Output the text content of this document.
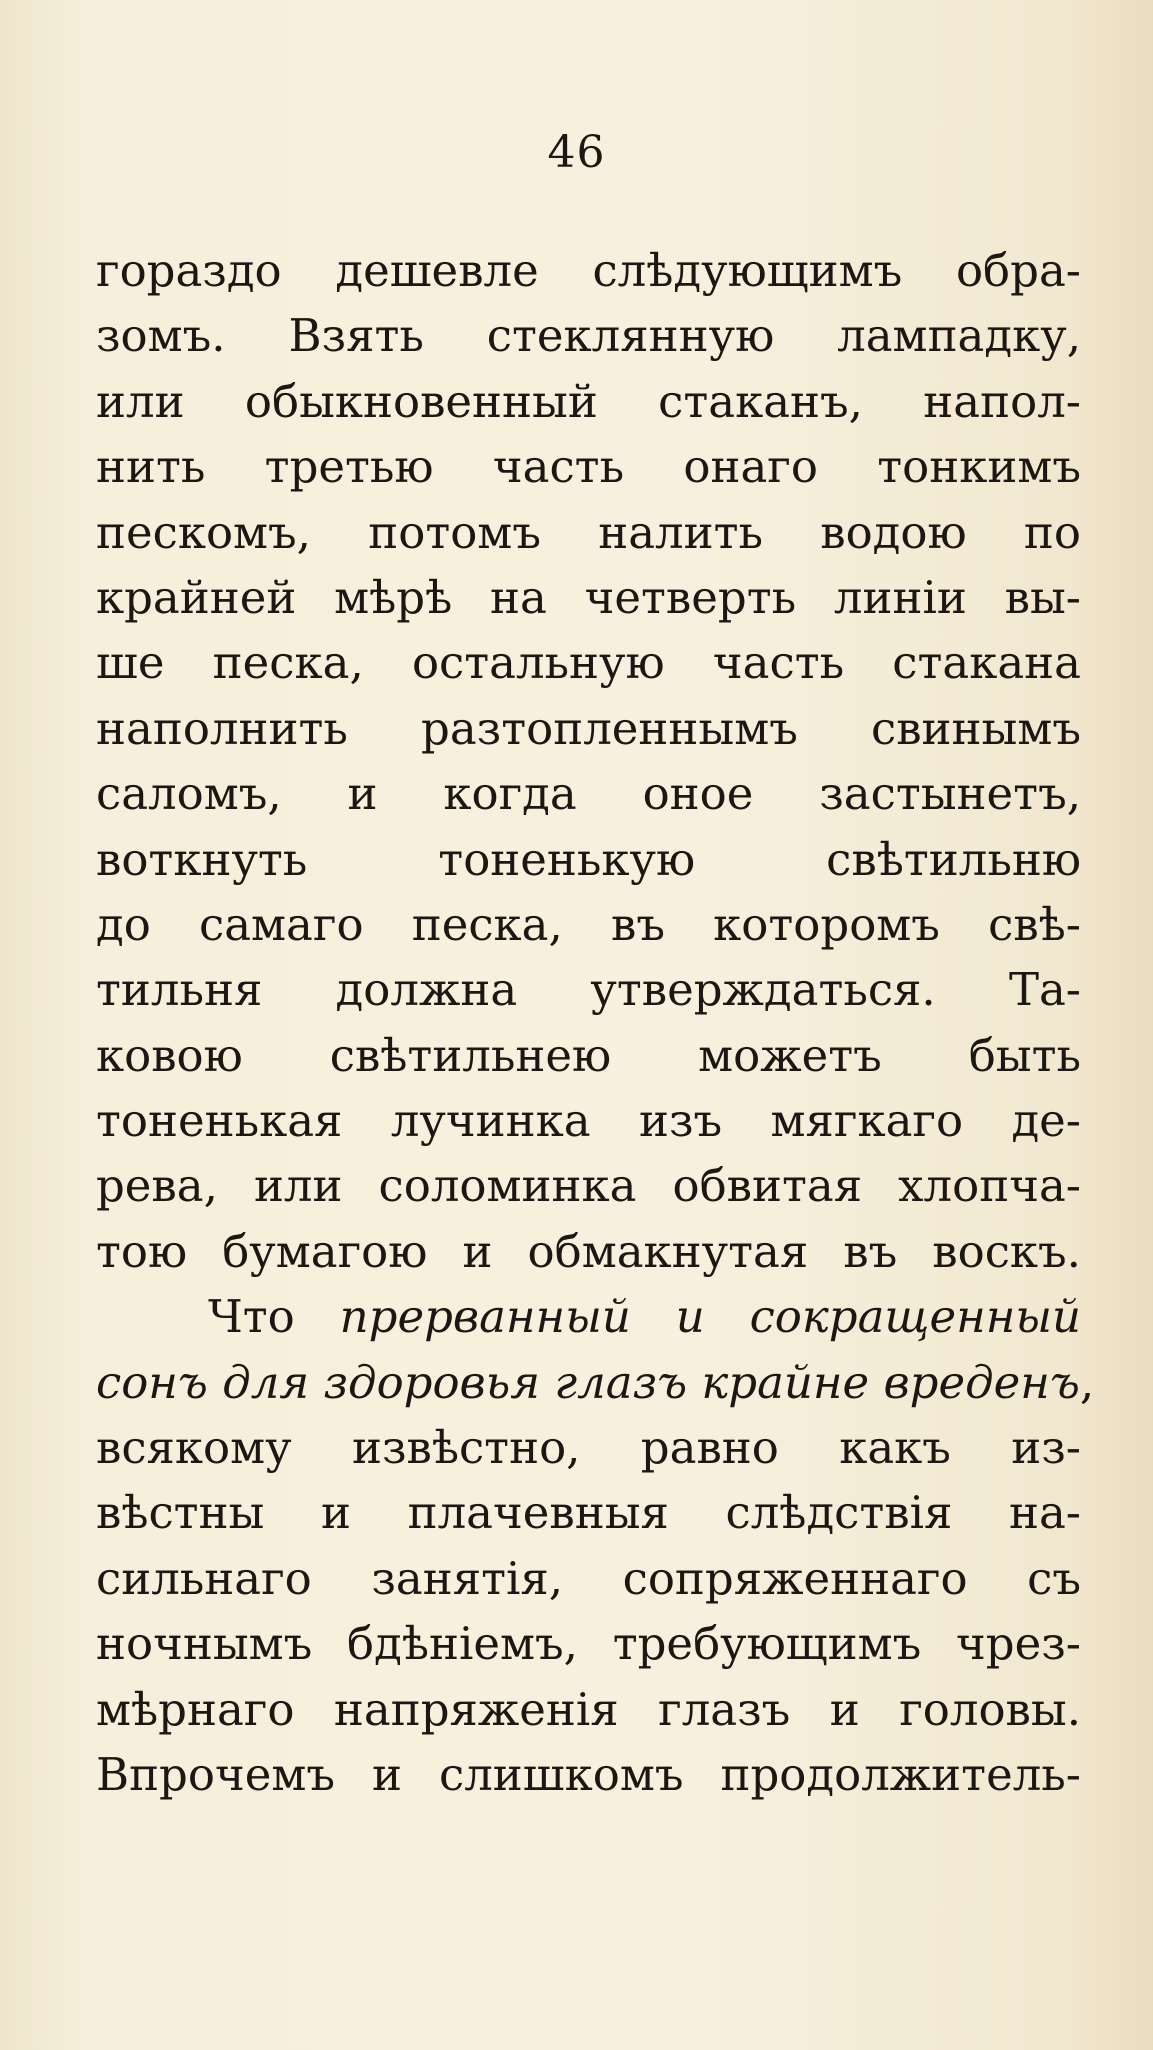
46
гораздо дешевле слѣдующимъ обра-
зомъ. Взять стеклянную лампадку,
или обыкновенный стаканъ, напол-
нить третью часть онаго тонкимъ
пескомъ, потомъ налить водою по
крайней мѣрѣ на четверть линіи вы-
ше песка, остальную часть стакана
наполнить разтопленнымъ свинымъ
саломъ, и когда оное застынетъ,
воткнуть тоненькую свѣтильню
до самаго песка, въ которомъ свѣ-
тильня должна утверждаться. Та-
ковою свѣтильнею можетъ быть
тоненькая лучинка изъ мягкаго де-
рева, или соломинка обвитая хлопча-
тою бумагою и обмакнутая въ воскъ.
Что прерванный и сокращенный
сонъ для здоровья глазъ крайне вреденъ,
всякому извѣстно, равно какъ из-
вѣстны и плачевныя слѣдствія на-
сильнаго занятія, сопряженнаго съ
ночнымъ бдѣніемъ, требующимъ чрез-
мѣрнаго напряженія глазъ и головы.
Впрочемъ и слишкомъ продолжитель-
